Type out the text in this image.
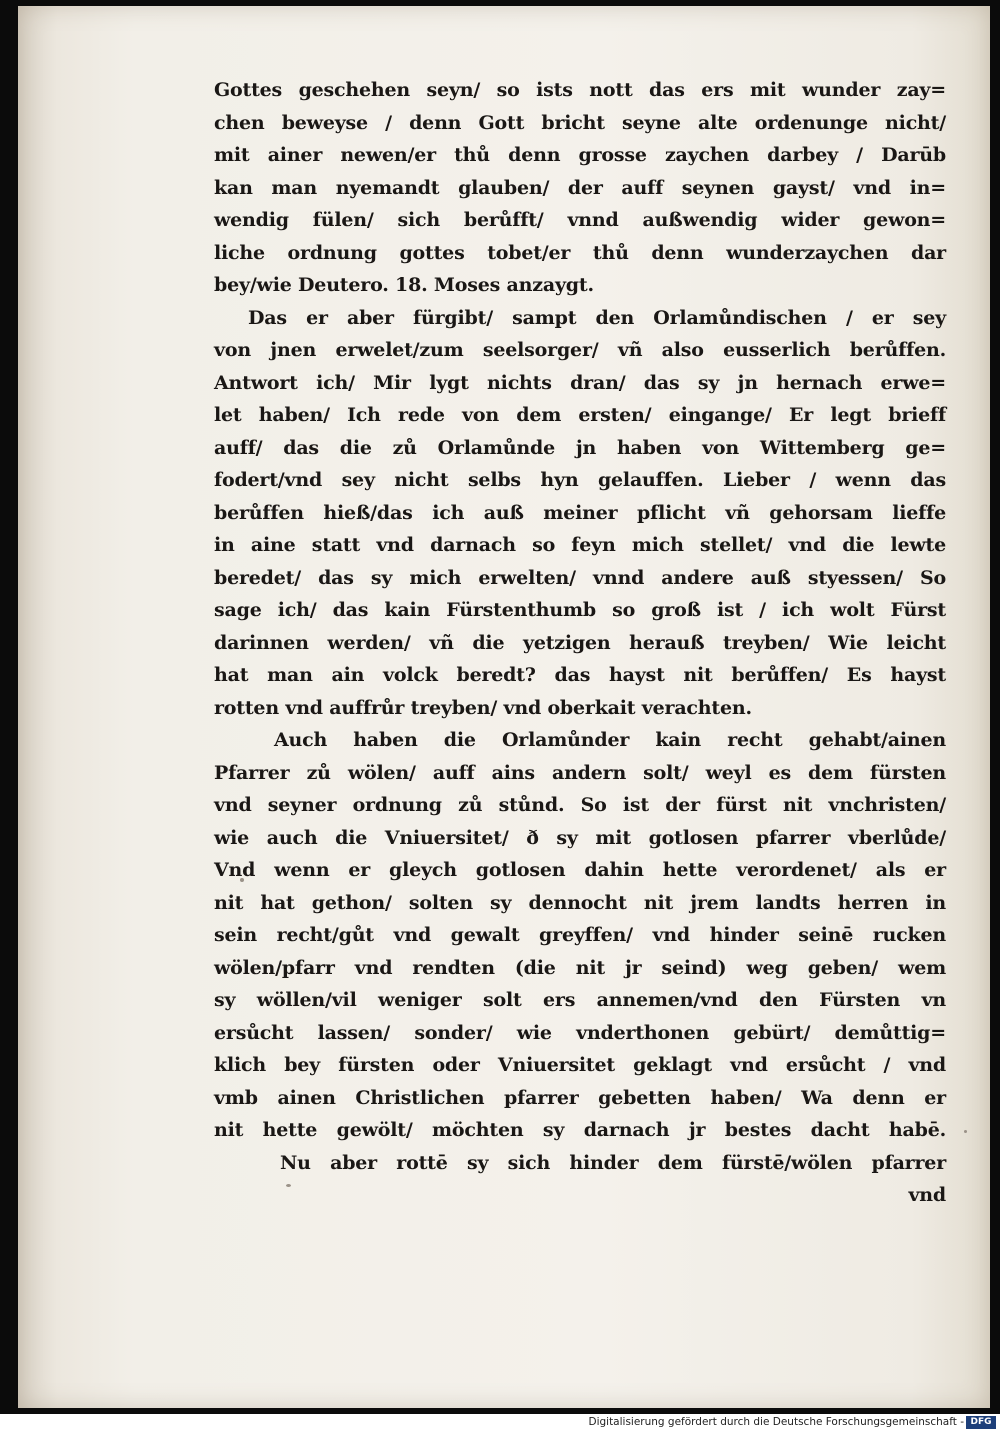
Gottes geschehen seyn/ so ists nott das ers mit wunder zay=
chen beweyse / denn Gott bricht seyne alte ordenunge nicht/
mit ainer newen/er thů denn grosse zaychen darbey / Darūb
kan man nyemandt glauben/ der auff seynen gayst/ vnd in=
wendig fülen/ sich berůfft/ vnnd außwendig wider gewon=
liche ordnung gottes tobet/er thů denn wunderzaychen dar
bey/wie Deutero. 18. Moses anzaygt.
Das er aber fürgibt/ sampt den Orlamůndischen / er sey
von jnen erwelet/zum seelsorger/ vñ also eusserlich berůffen.
Antwort ich/ Mir lygt nichts dran/ das sy jn hernach erwe=
let haben/ Ich rede von dem ersten/ eingange/ Er legt brieff
auff/ das die zů Orlamůnde jn haben von Wittemberg ge=
fodert/vnd sey nicht selbs hyn gelauffen. Lieber / wenn das
berůffen hieß/das ich auß meiner pflicht vñ gehorsam lieffe
in aine statt vnd darnach so feyn mich stellet/ vnd die lewte
beredet/ das sy mich erwelten/ vnnd andere auß styessen/ So
sage ich/ das kain Fürstenthumb so groß ist / ich wolt Fürst
darinnen werden/ vñ die yetzigen herauß treyben/ Wie leicht
hat man ain volck beredt? das hayst nit berůffen/ Es hayst
rotten vnd auffrůr treyben/ vnd oberkait verachten.
Auch haben die Orlamůnder kain recht gehabt/ainen
Pfarrer zů wölen/ auff ains andern solt/ weyl es dem fürsten
vnd seyner ordnung zů stůnd. So ist der fürst nit vnchristen/
wie auch die Vniuersitet/ ð sy mit gotlosen pfarrer vberlůde/
Vnd wenn er gleych gotlosen dahin hette verordenet/ als er
nit hat gethon/ solten sy dennocht nit jrem landts herren in
sein recht/gůt vnd gewalt greyffen/ vnd hinder seinē rucken
wölen/pfarr vnd rendten (die nit jr seind) weg geben/ wem
sy wöllen/vil weniger solt ers annemen/vnd den Fürsten vn
ersůcht lassen/ sonder/ wie vnderthonen gebürt/ demůttig=
klich bey fürsten oder Vniuersitet geklagt vnd ersůcht / vnd
vmb ainen Christlichen pfarrer gebetten haben/ Wa denn er
nit hette gewölt/ möchten sy darnach jr bestes dacht habē.
Nu aber rottē sy sich hinder dem fürstē/wölen pfarrer
vnd
Digitalisierung gefördert durch die Deutsche Forschungsgemeinschaft - DFG
